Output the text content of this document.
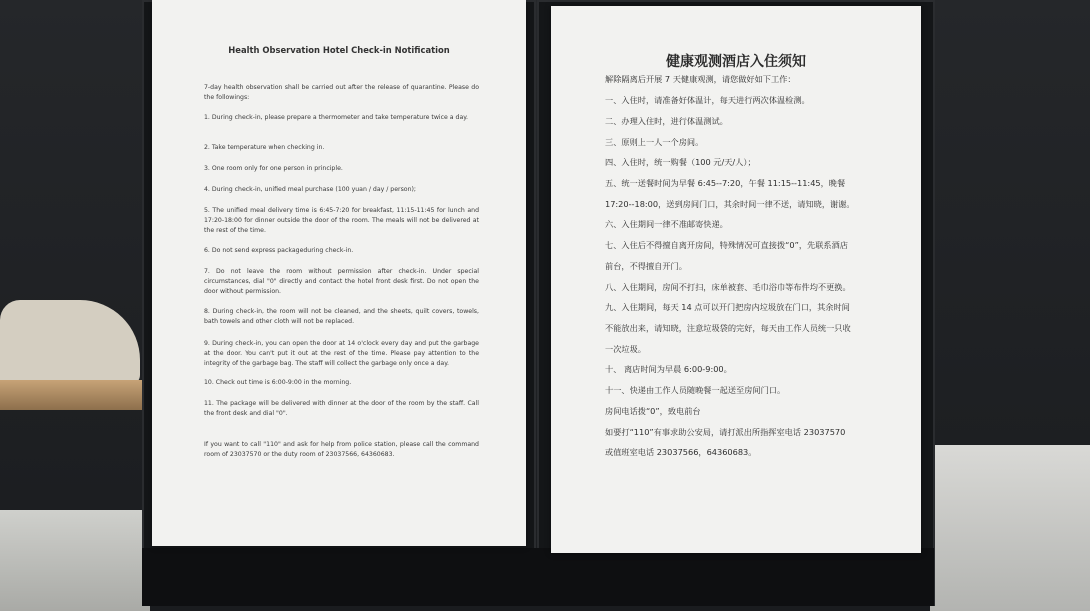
Health Observation Hotel Check-in Notification

7-day health observation shall be carried out after the release of quarantine. Please do the followings:

1. During check-in, please prepare a thermometer and take temperature twice a day.

2. Take temperature when checking in.

3. One room only for one person in principle.

4. During check-in, unified meal purchase (100 yuan / day / person);

5. The unified meal delivery time is 6:45-7:20 for breakfast, 11:15-11:45 for lunch and 17:20-18:00 for dinner outside the door of the room. The meals will not be delivered at the rest of the time.

6. Do not send express packageduring check-in.

7. Do not leave the room without permission after check-in. Under special circumstances, dial "0" directly and contact the hotel front desk first. Do not open the door without permission.

8. During check-in, the room will not be cleaned, and the sheets, quilt covers, towels, bath towels and other cloth will not be replaced.

9. During check-in, you can open the door at 14 o'clock every day and put the garbage at the door. You can't put it out at the rest of the time. Please pay attention to the integrity of the garbage bag. The staff will collect the garbage only once a day.

10. Check out time is 6:00-9:00 in the morning.

11. The package will be delivered with dinner at the door of the room by the staff. Call the front desk and dial "0".

If you want to call "110" and ask for help from police station, please call the command room of 23037570 or the duty room of 23037566, 64360683.

健康观测酒店入住须知

解除隔离后开展 7 天健康观测，请您做好如下工作：

一、入住时，请准备好体温计，每天进行两次体温检测。

二、办理入住时，进行体温测试。

三、原则上一人一个房间。

四、入住时，统一购餐（100 元/天/人）；

五、统一送餐时间为早餐 6:45--7:20，午餐 11:15--11:45，晚餐

17:20--18:00，送到房间门口，其余时间一律不送，请知晓，谢谢。

六、入住期间一律不准邮寄快递。

七、入住后不得擅自离开房间，特殊情况可直接拨“0”，先联系酒店

前台，不得擅自开门。

八、入住期间，房间不打扫，床单被套、毛巾浴巾等布件均不更换。

九、入住期间，每天 14 点可以开门把房内垃圾放在门口，其余时间

不能放出来，请知晓，注意垃圾袋的完好，每天由工作人员统一只收

一次垃圾。

十、 离店时间为早晨 6:00-9:00。

十一、快递由工作人员随晚餐一起送至房间门口。

房间电话拨“0”，致电前台

如要打“110”有事求助公安局，请打派出所指挥室电话 23037570

或值班室电话 23037566，64360683。
